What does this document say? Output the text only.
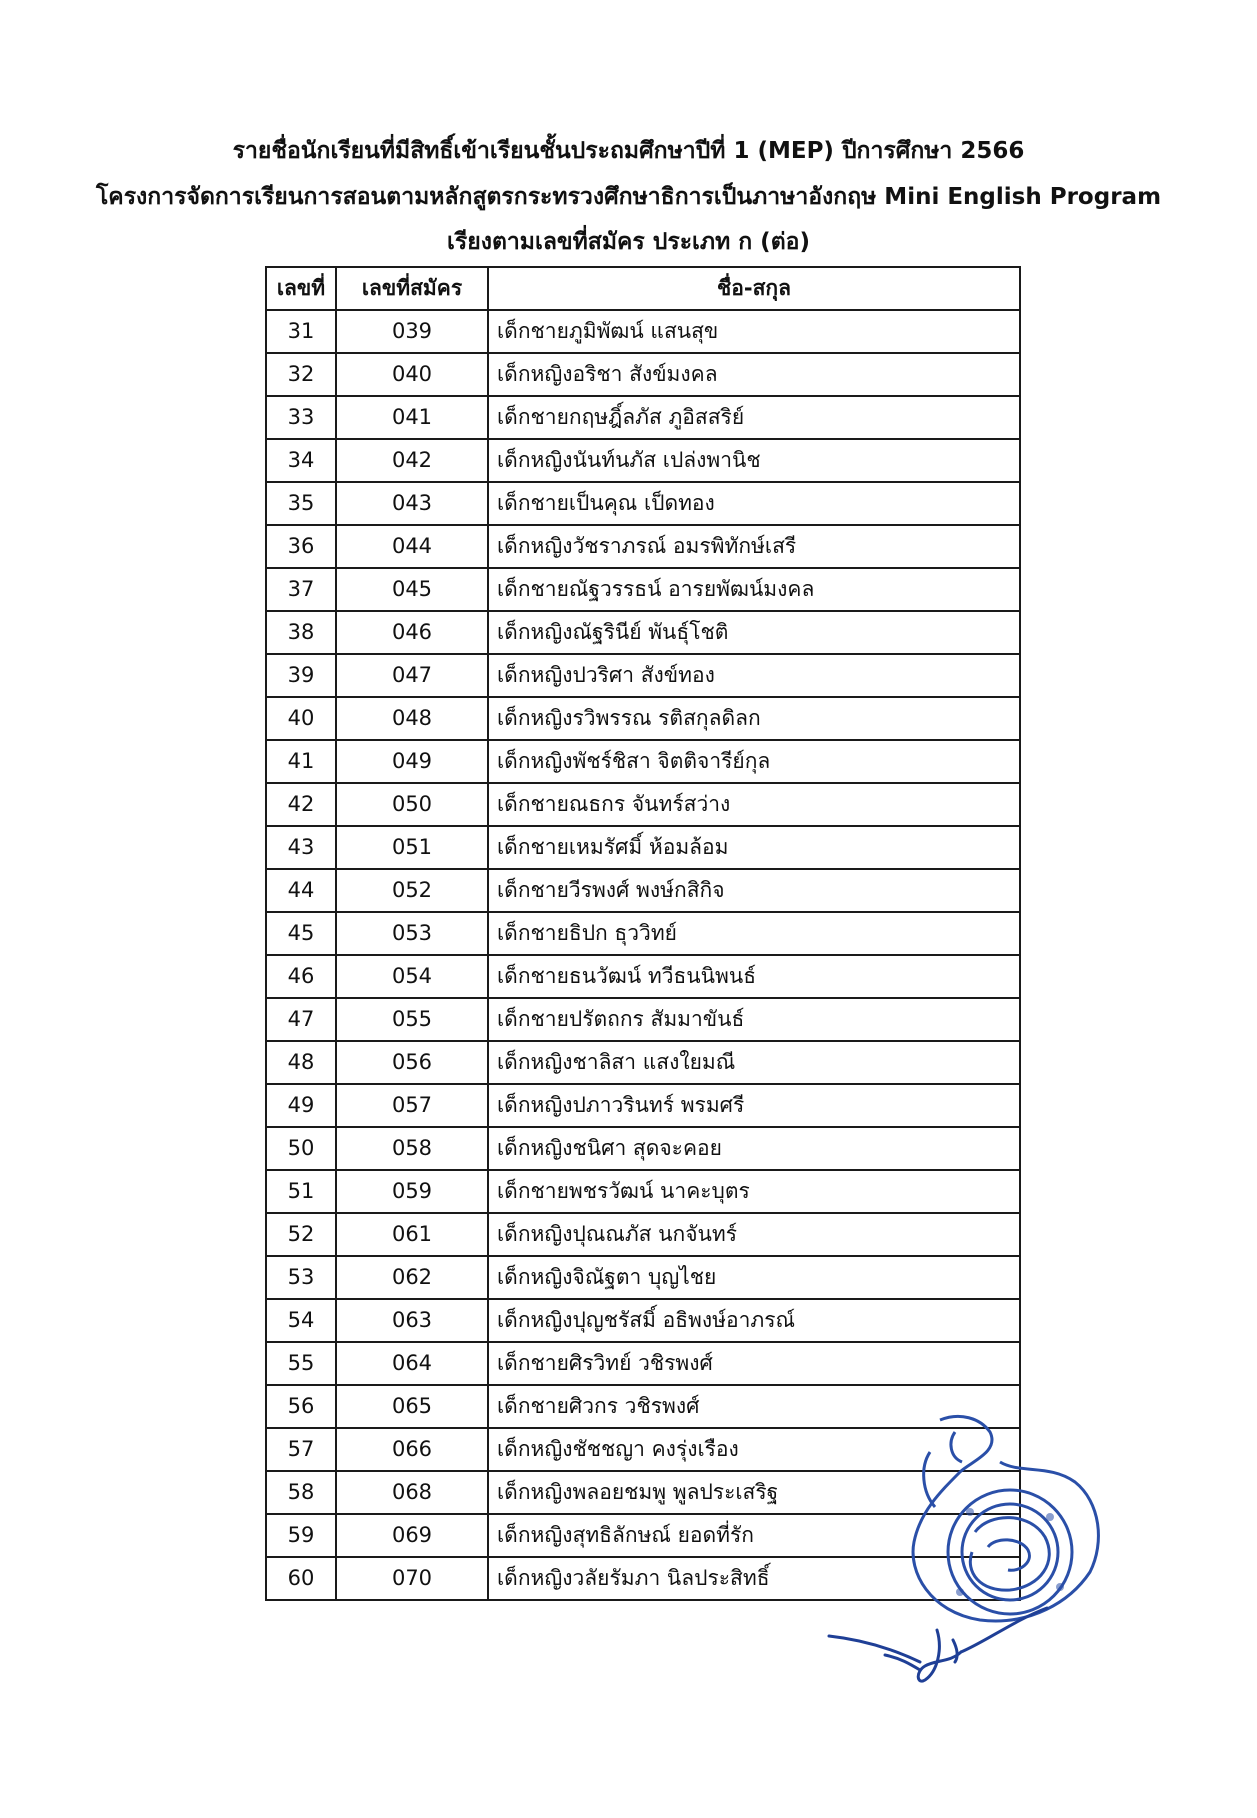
รายชื่อนักเรียนที่มีสิทธิ์เข้าเรียนชั้นประถมศึกษาปีที่ 1 (MEP) ปีการศึกษา 2566
โครงการจัดการเรียนการสอนตามหลักสูตรกระทรวงศึกษาธิการเป็นภาษาอังกฤษ Mini English Program
เรียงตามเลขที่สมัคร ประเภท ก (ต่อ)
เลขที่	เลขที่สมัคร	ชื่อ-สกุล
31	039	เด็กชายภูมิพัฒน์ แสนสุข
32	040	เด็กหญิงอริชา สังข์มงคล
33	041	เด็กชายกฤษฎิ์ลภัส ภูอิสสริย์
34	042	เด็กหญิงนันท์นภัส เปล่งพานิช
35	043	เด็กชายเป็นคุณ เป็ดทอง
36	044	เด็กหญิงวัชราภรณ์ อมรพิทักษ์เสรี
37	045	เด็กชายณัฐวรรธน์ อารยพัฒน์มงคล
38	046	เด็กหญิงณัฐรินีย์ พันธุ์โชติ
39	047	เด็กหญิงปวริศา สังข์ทอง
40	048	เด็กหญิงรวิพรรณ รติสกุลดิลก
41	049	เด็กหญิงพัชร์ชิสา จิตติจารีย์กุล
42	050	เด็กชายณธกร จันทร์สว่าง
43	051	เด็กชายเหมรัศมิ์ ห้อมล้อม
44	052	เด็กชายวีรพงศ์ พงษ์กสิกิจ
45	053	เด็กชายธิปก ธุววิทย์
46	054	เด็กชายธนวัฒน์ ทวีธนนิพนธ์
47	055	เด็กชายปรัตถกร สัมมาขันธ์
48	056	เด็กหญิงชาลิสา แสงใยมณี
49	057	เด็กหญิงปภาวรินทร์ พรมศรี
50	058	เด็กหญิงชนิศา สุดจะคอย
51	059	เด็กชายพชรวัฒน์ นาคะบุตร
52	061	เด็กหญิงปุณณภัส นกจันทร์
53	062	เด็กหญิงจิณัฐตา บุญไชย
54	063	เด็กหญิงปุญชรัสมิ์ อธิพงษ์อาภรณ์
55	064	เด็กชายศิรวิทย์ วชิรพงศ์
56	065	เด็กชายศิวกร วชิรพงศ์
57	066	เด็กหญิงชัชชญา คงรุ่งเรือง
58	068	เด็กหญิงพลอยชมพู พูลประเสริฐ
59	069	เด็กหญิงสุทธิลักษณ์ ยอดที่รัก
60	070	เด็กหญิงวลัยรัมภา นิลประสิทธิ์
